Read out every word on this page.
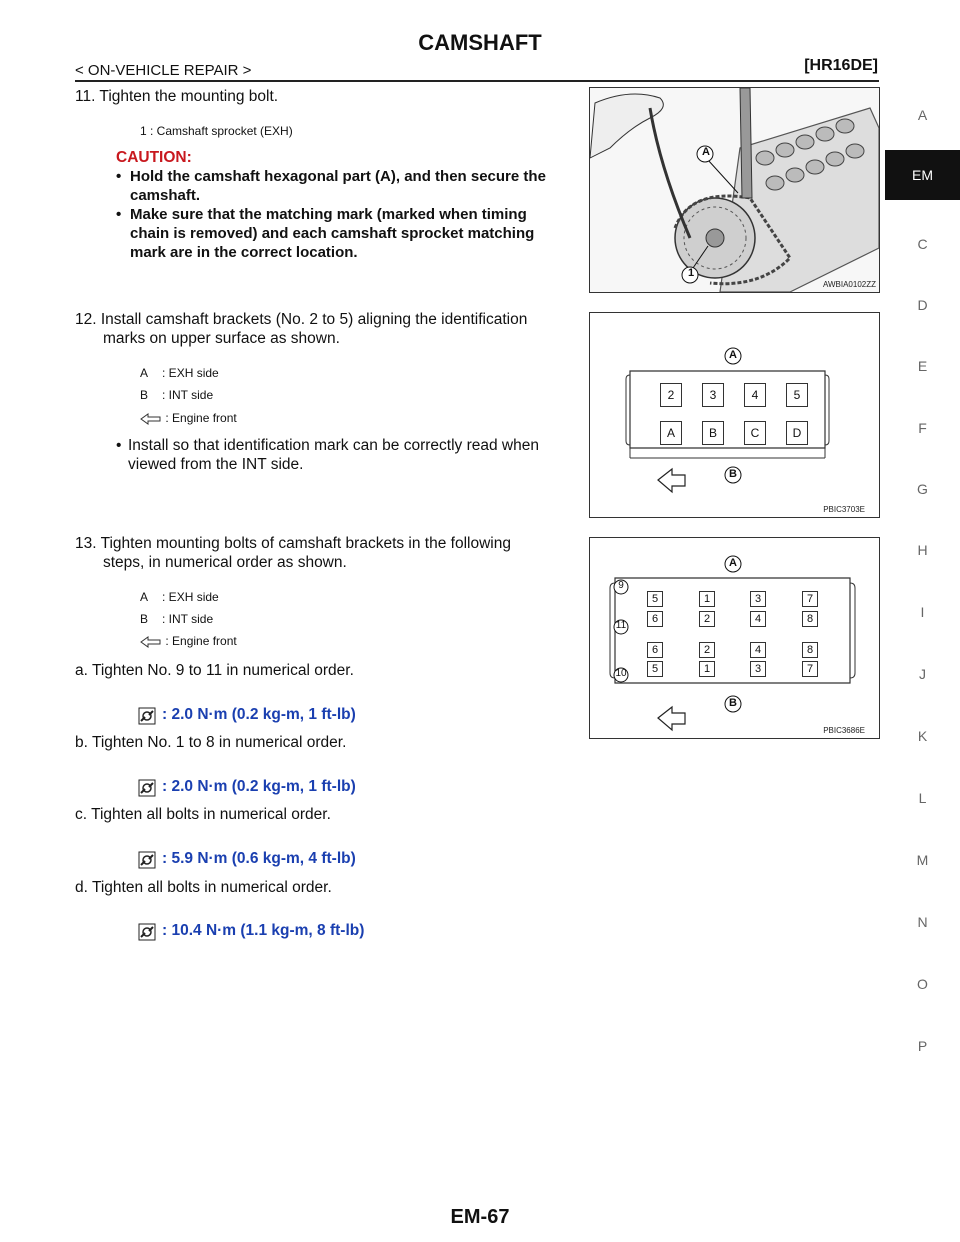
CAMSHAFT
< ON-VEHICLE REPAIR >	[HR16DE]
EM
A
C
D
E
F
G
H
I
J
K
L
M
N
O
P
11. Tighten the mounting bolt.
1 : Camshaft sprocket (EXH)
CAUTION:
• Hold the camshaft hexagonal part (A), and then secure the
camshaft.
• Make sure that the matching mark (marked when timing
chain is removed) and each camshaft sprocket matching
mark are in the correct location.
A
1
AWBIA0102ZZ
12. Install camshaft brackets (No. 2 to 5) aligning the identification
marks on upper surface as shown.
A : EXH side
B : INT side
: Engine front
• Install so that identification mark can be correctly read when
viewed from the INT side.
A
B
2	3	4	5
A	B	C	D
PBIC3703E
13. Tighten mounting bolts of camshaft brackets in the following
steps, in numerical order as shown.
A : EXH side
B : INT side
: Engine front
A
B
9
11
10
5	1	3	7
6	2	4	8
6	2	4	8
5	1	3	7
PBIC3686E
a. Tighten No. 9 to 11 in numerical order.
: 2.0 N·m (0.2 kg-m, 1 ft-lb)
b. Tighten No. 1 to 8 in numerical order.
: 2.0 N·m (0.2 kg-m, 1 ft-lb)
c. Tighten all bolts in numerical order.
: 5.9 N·m (0.6 kg-m, 4 ft-lb)
d. Tighten all bolts in numerical order.
: 10.4 N·m (1.1 kg-m, 8 ft-lb)
EM-67
